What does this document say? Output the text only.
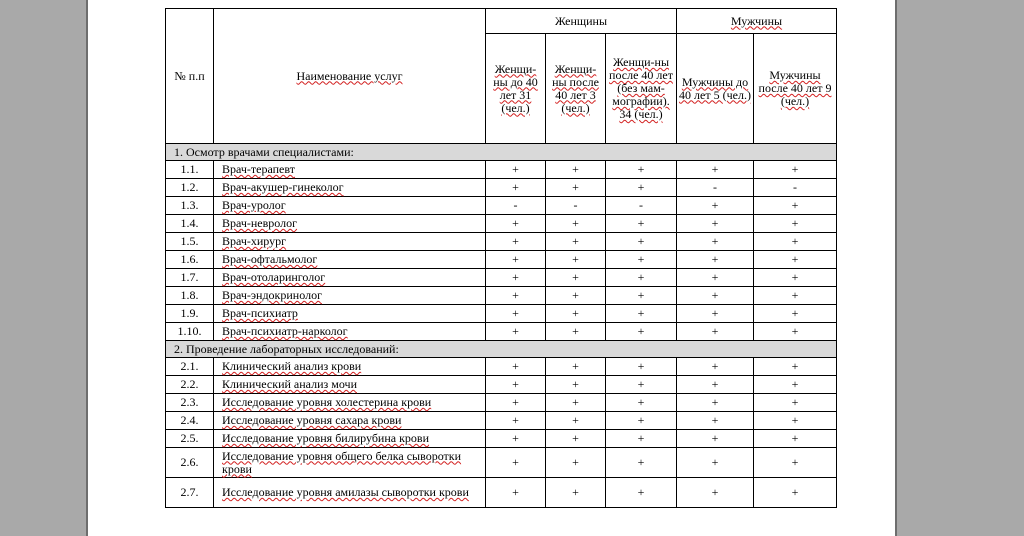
№ п.п	Наименование услуг	Женщины			Мужчины	
		Женщи-ны до 40 лет 31 (чел.)	Женщи-ны после 40 лет 3 (чел.)	Женщи-ны после 40 лет (без мам-мографии). 34 (чел.)	Мужчины до 40 лет 5 (чел.)	Мужчины после 40 лет 9 (чел.)
1. Осмотр врачами специалистами:						
1.1.	Врач-терапевт	+	+	+	+	+
1.2.	Врач-акушер-гинеколог	+	+	+	-	-
1.3.	Врач-уролог	-	-	-	+	+
1.4.	Врач-невролог	+	+	+	+	+
1.5.	Врач-хирург	+	+	+	+	+
1.6.	Врач-офтальмолог	+	+	+	+	+
1.7.	Врач-отоларинголог	+	+	+	+	+
1.8.	Врач-эндокринолог	+	+	+	+	+
1.9.	Врач-психиатр	+	+	+	+	+
1.10.	Врач-психиатр-нарколог	+	+	+	+	+
2. Проведение лабораторных исследований:						
2.1.	Клинический анализ крови	+	+	+	+	+
2.2.	Клинический анализ мочи	+	+	+	+	+
2.3.	Исследование уровня холестерина крови	+	+	+	+	+
2.4.	Исследование уровня сахара крови	+	+	+	+	+
2.5.	Исследование уровня билирубина крови	+	+	+	+	+
2.6.	Исследование уровня общего белка сыворотки крови	+	+	+	+	+
2.7.	Исследование уровня амилазы сыворотки крови	+	+	+	+	+
